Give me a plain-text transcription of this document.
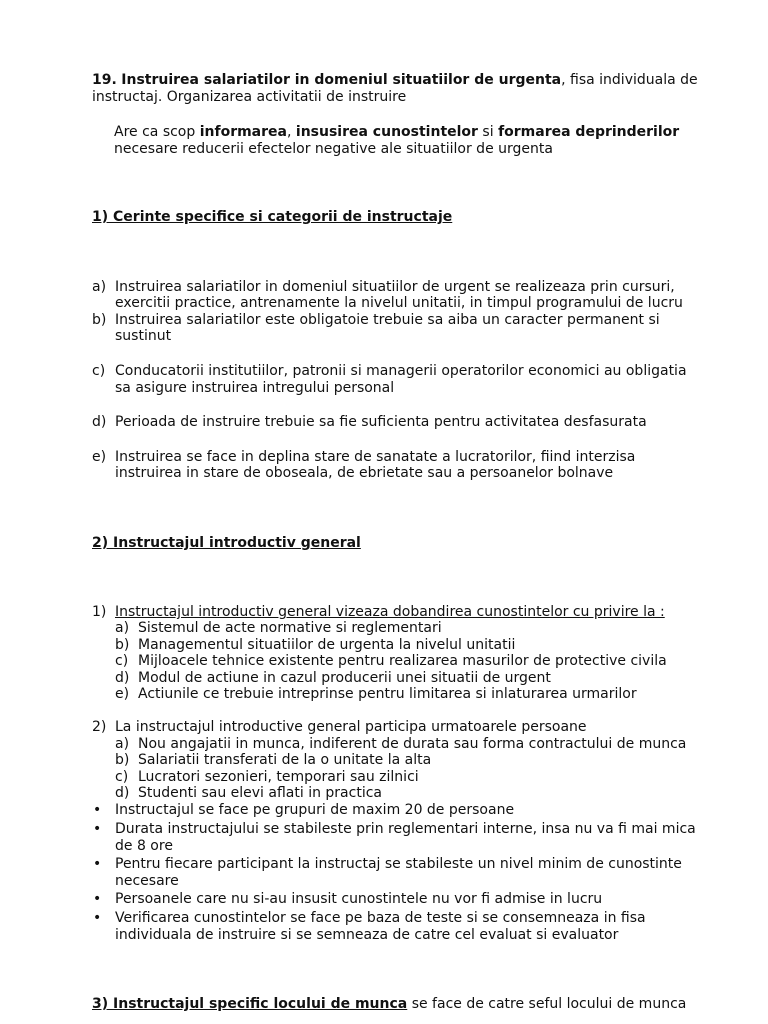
19. Instruirea salariatilor in domeniul situatiilor de urgenta, fisa individuala de
instructaj. Organizarea activitatii de instruire
Are ca scop informarea, insusirea cunostintelor si formarea deprinderilor
necesare reducerii efectelor negative ale situatiilor de urgenta
1) Cerinte specifice si categorii de instructaje
a) Instruirea salariatilor in domeniul situatiilor de urgent se realizeaza prin cursuri,
exercitii practice, antrenamente la nivelul unitatii, in timpul programului de lucru
b) Instruirea salariatilor este obligatoie trebuie sa aiba un caracter permanent si
sustinut
c) Conducatorii institutiilor, patronii si managerii operatorilor economici au obligatia
sa asigure instruirea intregului personal
d) Perioada de instruire trebuie sa fie suficienta pentru activitatea desfasurata
e) Instruirea se face in deplina stare de sanatate a lucratorilor, fiind interzisa
instruirea in stare de oboseala, de ebrietate sau a persoanelor bolnave
2) Instructajul introductiv general
1) Instructajul introductiv general vizeaza dobandirea cunostintelor cu privire la :
a) Sistemul de acte normative si reglementari
b) Managementul situatiilor de urgenta la nivelul unitatii
c) Mijloacele tehnice existente pentru realizarea masurilor de protective civila
d) Modul de actiune in cazul producerii unei situatii de urgent
e) Actiunile ce trebuie intreprinse pentru limitarea si inlaturarea urmarilor
2) La instructajul introductive general participa urmatoarele persoane
a) Nou angajatii in munca, indiferent de durata sau forma contractului de munca
b) Salariatii transferati de la o unitate la alta
c) Lucratori sezonieri, temporari sau zilnici
d) Studenti sau elevi aflati in practica
• Instructajul se face pe grupuri de maxim 20 de persoane
• Durata instructajului se stabileste prin reglementari interne, insa nu va fi mai mica
de 8 ore
• Pentru fiecare participant la instructaj se stabileste un nivel minim de cunostinte
necesare
• Persoanele care nu si-au insusit cunostintele nu vor fi admise in lucru
• Verificarea cunostintelor se face pe baza de teste si se consemneaza in fisa
individuala de instruire si se semneaza de catre cel evaluat si evaluator
3) Instructajul specific locului de munca se face de catre seful locului de munca
